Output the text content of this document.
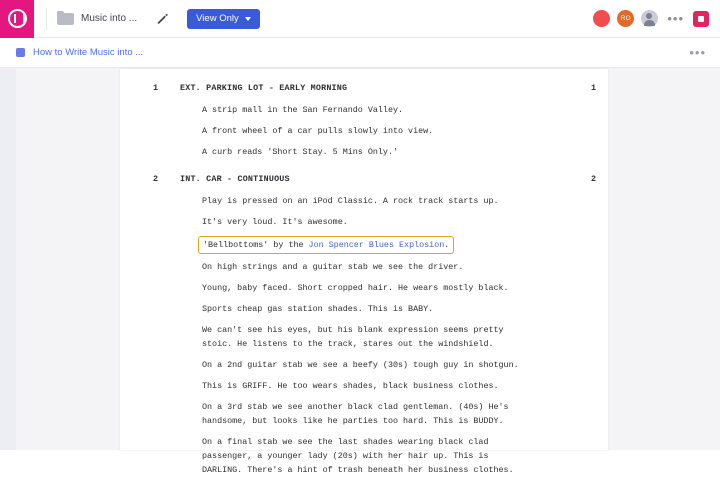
Music into ...	View Only	RO	•••
How to Write Music into ...	•••
1	EXT. PARKING LOT - EARLY MORNING	1

A strip mall in the San Fernando Valley.

A front wheel of a car pulls slowly into view.

A curb reads 'Short Stay. 5 Mins Only.'

2	INT. CAR - CONTINUOUS	2

Play is pressed on an iPod Classic. A rock track starts up.

It's very loud. It's awesome.

'Bellbottoms' by the Jon Spencer Blues Explosion.

On high strings and a guitar stab we see the driver.

Young, baby faced. Short cropped hair. He wears mostly black.

Sports cheap gas station shades. This is BABY.

We can't see his eyes, but his blank expression seems pretty

stoic. He listens to the track, stares out the windshield.

On a 2nd guitar stab we see a beefy (30s) tough guy in shotgun.

This is GRIFF. He too wears shades, black business clothes.

On a 3rd stab we see another black clad gentleman. (40s) He's

handsome, but looks like he parties too hard. This is BUDDY.

On a final stab we see the last shades wearing black clad

passenger, a younger lady (20s) with her hair up. This is

DARLING. There's a hint of trash beneath her business clothes.
